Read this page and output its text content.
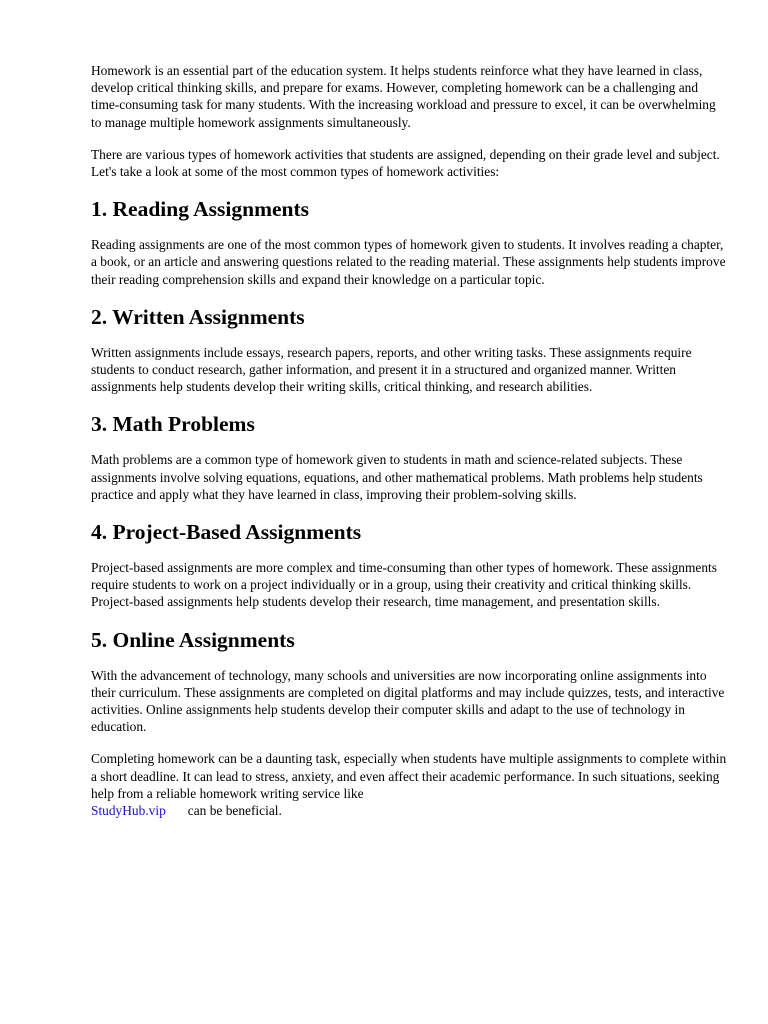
Homework is an essential part of the education system. It helps students reinforce what they have learned in class, develop critical thinking skills, and prepare for exams. However, completing homework can be a challenging and time-consuming task for many students. With the increasing workload and pressure to excel, it can be overwhelming to manage multiple homework assignments simultaneously.

There are various types of homework activities that students are assigned, depending on their grade level and subject. Let's take a look at some of the most common types of homework activities:

1. Reading Assignments

Reading assignments are one of the most common types of homework given to students. It involves reading a chapter, a book, or an article and answering questions related to the reading material. These assignments help students improve their reading comprehension skills and expand their knowledge on a particular topic.

2. Written Assignments

Written assignments include essays, research papers, reports, and other writing tasks. These assignments require students to conduct research, gather information, and present it in a structured and organized manner. Written assignments help students develop their writing skills, critical thinking, and research abilities.

3. Math Problems

Math problems are a common type of homework given to students in math and science-related subjects. These assignments involve solving equations, equations, and other mathematical problems. Math problems help students practice and apply what they have learned in class, improving their problem-solving skills.

4. Project-Based Assignments

Project-based assignments are more complex and time-consuming than other types of homework. These assignments require students to work on a project individually or in a group, using their creativity and critical thinking skills. Project-based assignments help students develop their research, time management, and presentation skills.

5. Online Assignments

With the advancement of technology, many schools and universities are now incorporating online assignments into their curriculum. These assignments are completed on digital platforms and may include quizzes, tests, and interactive activities. Online assignments help students develop their computer skills and adapt to the use of technology in education.

Completing homework can be a daunting task, especially when students have multiple assignments to complete within a short deadline. It can lead to stress, anxiety, and even affect their academic performance. In such situations, seeking help from a reliable homework writing service like
StudyHub.vip can be beneficial.
